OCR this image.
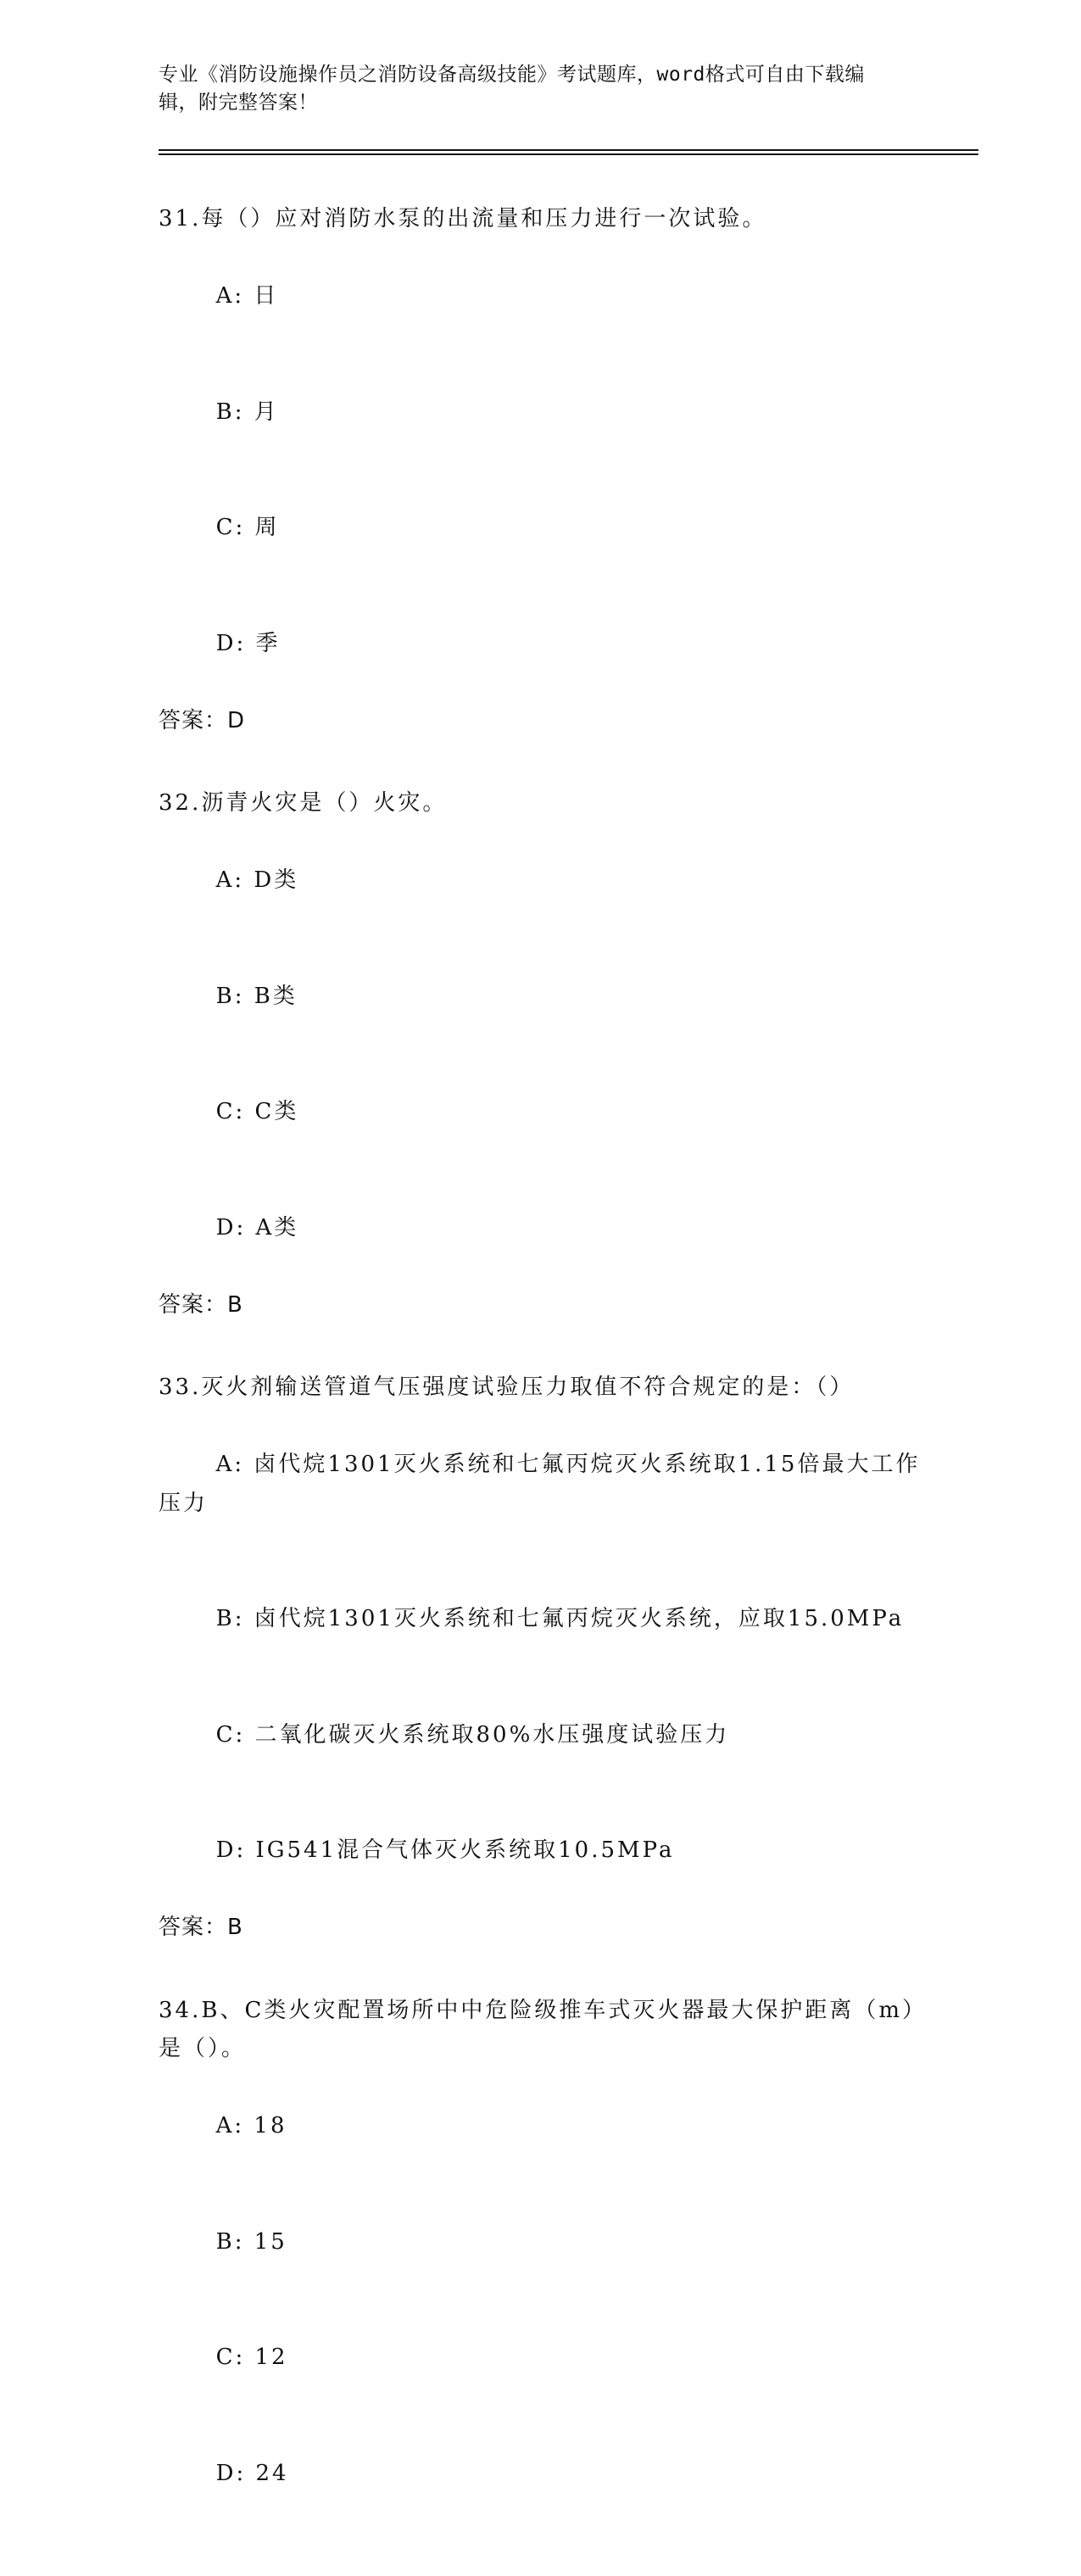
专业《消防设施操作员之消防设备高级技能》考试题库，word格式可自由下载编
辑，附完整答案！
31.每（）应对消防水泵的出流量和压力进行一次试验。

A: 日

B: 月

C: 周

D: 季

答案：D
32.沥青火灾是（）火灾。

A: D类

B: B类

C: C类

D: A类

答案：B
33.灭火剂输送管道气压强度试验压力取值不符合规定的是：（）

A: 卤代烷1301灭火系统和七氟丙烷灭火系统取1.15倍最大工作压力

B: 卤代烷1301灭火系统和七氟丙烷灭火系统，应取15.0MPa

C: 二氧化碳灭火系统取80%水压强度试验压力

D: IG541混合气体灭火系统取10.5MPa

答案：B
34.B、C类火灾配置场所中中危险级推车式灭火器最大保护距离（m）
是（）。

A: 18

B: 15

C: 12

D: 24
